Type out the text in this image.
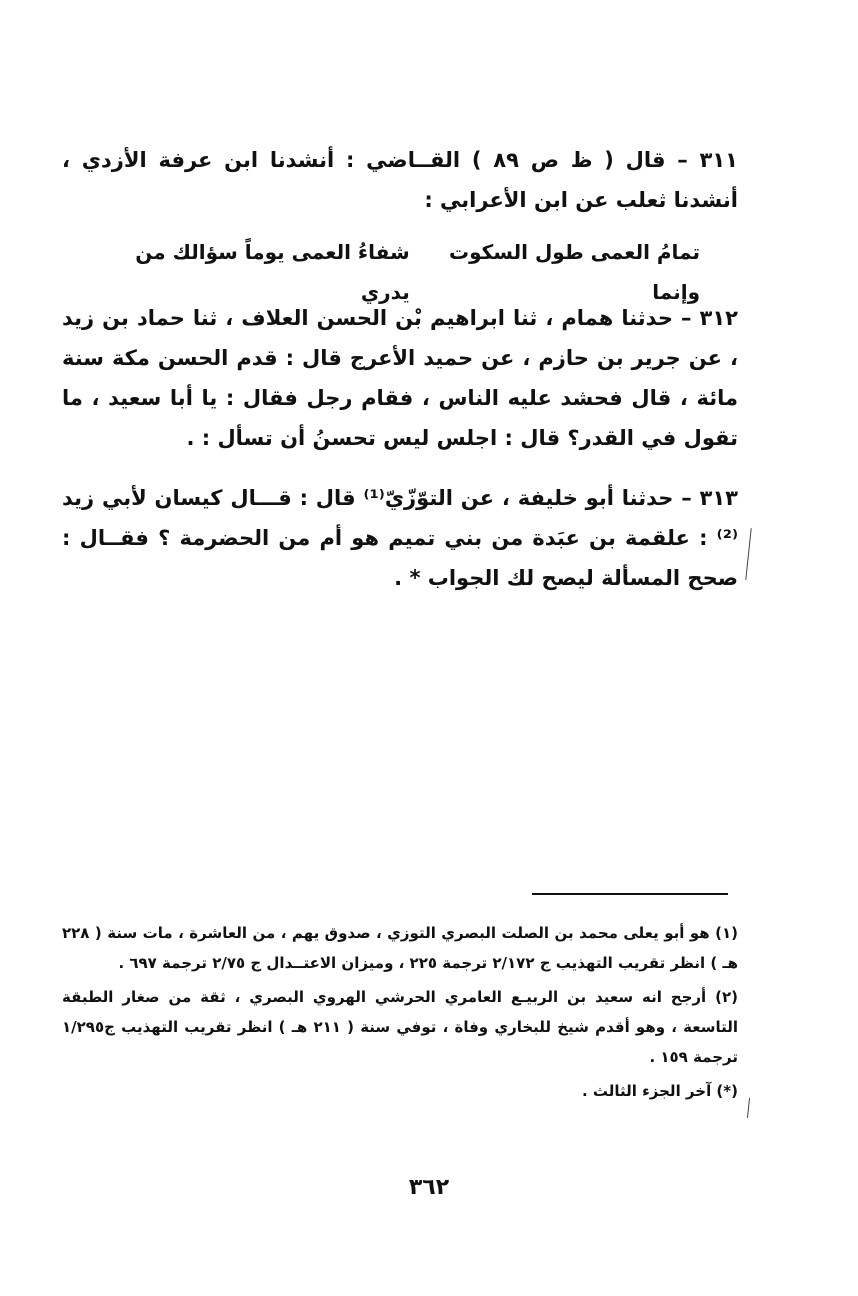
٣١١ – قال ( ظ ص ٨٩ ) القــاضي : أنشدنا ابن عرفة الأزدي ، أنشدنا ثعلب عن ابن الأعرابي :

تمامُ العمى طول السكوت وإنما
شفاءُ العمى يوماً سؤالك من يدري

٣١٢ – حدثنا همام ، ثنا ابراهيم بْن الحسن العلاف ، ثنا حماد بن زيد ، عن جرير بن حازم ، عن حميد الأعرج قال : قدم الحسن مكة سنة مائة ، قال فحشد عليه الناس ، فقام رجل فقال : يا أبا سعيد ، ما تقول في القدر؟ قال : اجلس ليس تحسنُ أن تسأل : .

٣١٣ – حدثنا أبو خليفة ، عن التوّزّيّ⁽¹⁾ قال : قـــال كيسان لأبي زيد ⁽²⁾ : علقمة بن عبَدة من بني تميم هو أم من الحضرمة ؟ فقــال : صحح المسألة ليصح لك الجواب * .

(١) هو أبو يعلى محمد بن الصلت البصري التوزي ، صدوق يهم ، من العاشرة ، مات سنة ( ٢٢٨ هـ ) انظر تقريب التهذيب ج ٢/١٧٢ ترجمة ٢٢٥ ، وميزان الاعتــدال ج ٢/٧٥ ترجمة ٦٩٧ .

(٢) أرجح انه سعيد بن الربيـع العامري الحرشي الهروي البصري ، ثقة من صغار الطبقة التاسعة ، وهو أقدم شيخ للبخاري وفاة ، توفي سنة ( ٢١١ هـ ) انظر تقريب التهذيب ج١/٢٩٥ ترجمة ١٥٩ .

(*) آخر الجزء الثالث .

٣٦٢
